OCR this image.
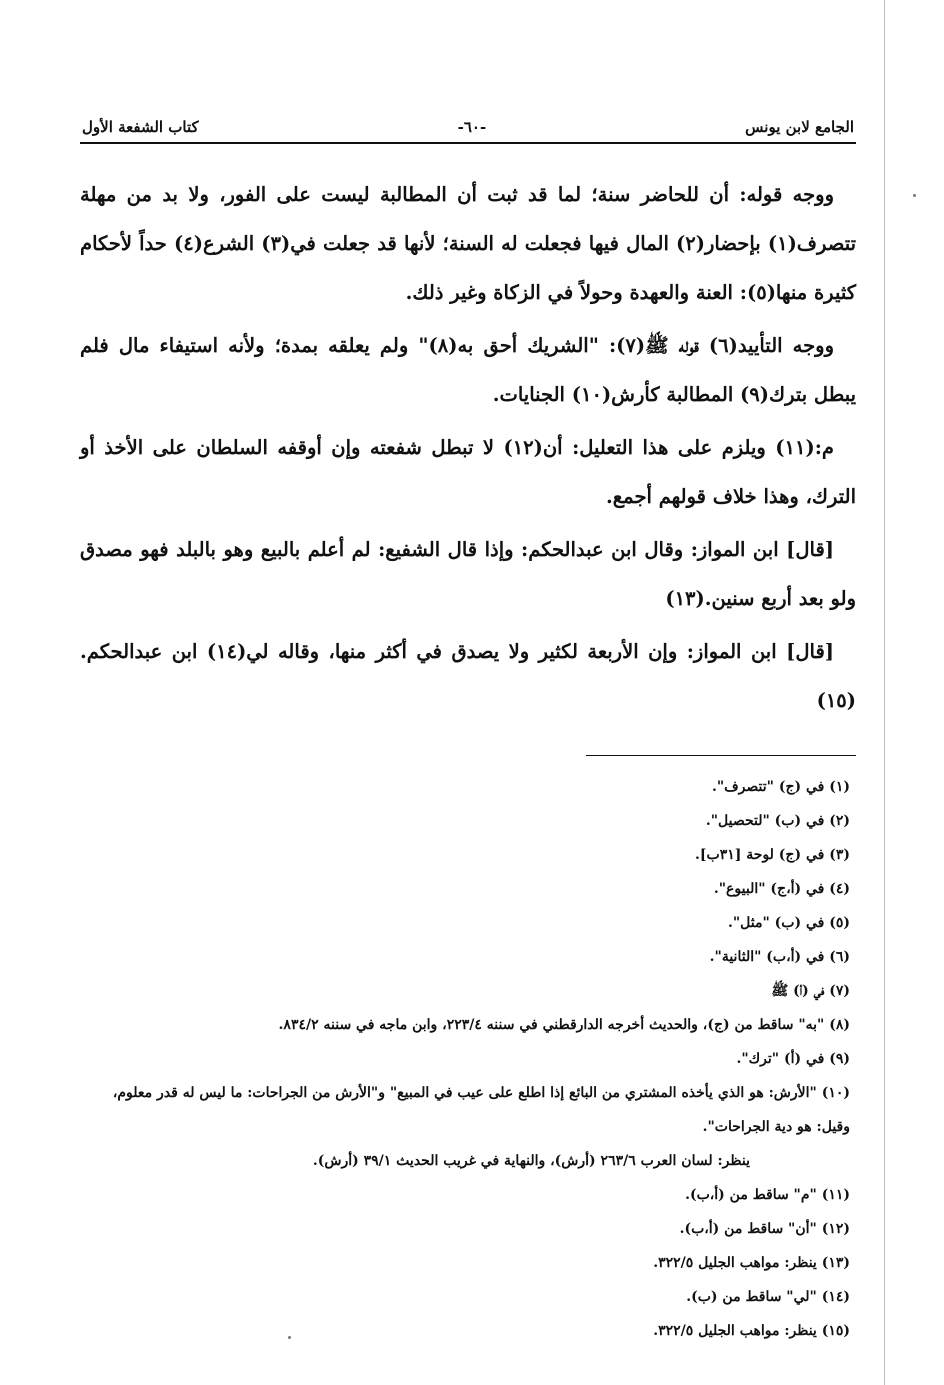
الجامع لابن يونس
-٦٠-
كتاب الشفعة الأول

ووجه قوله: أن للحاضر سنة؛ لما قد ثبت أن المطالبة ليست على الفور، ولا بد من مهلة تتصرف(١) بإحضار(٢) المال فيها فجعلت له السنة؛ لأنها قد جعلت في(٣) الشرع(٤) حداً لأحكام كثيرة منها(٥): العنة والعهدة وحولاً في الزكاة وغير ذلك.

ووجه التأييد(٦) قوله ﷺ(٧): "الشريك أحق به(٨)" ولم يعلقه بمدة؛ ولأنه استيفاء مال فلم يبطل بترك(٩) المطالبة كأرش(١٠) الجنايات.

م:(١١) ويلزم على هذا التعليل: أن(١٢) لا تبطل شفعته وإن أوقفه السلطان على الأخذ أو الترك، وهذا خلاف قولهم أجمع.

[قال] ابن المواز: وقال ابن عبدالحكم: وإذا قال الشفيع: لم أعلم بالبيع وهو بالبلد فهو مصدق ولو بعد أربع سنين.(١٣)

[قال] ابن المواز: وإن الأربعة لكثير ولا يصدق في أكثر منها، وقاله لي(١٤) ابن عبدالحكم.(١٥)

(١) في (ج) "تتصرف".
(٢) في (ب) "لتحصيل".
(٣) في (ج) لوحة [٣١ب].
(٤) في (أ،ج) "البيوع".
(٥) في (ب) "مثل".
(٦) في (أ،ب) "الثانية".
(٧) في (أ) ﷺ
(٨) "به" ساقط من (ج)، والحديث أخرجه الدارقطني في سننه ٢٢٣/٤، وابن ماجه في سننه ٨٣٤/٢.
(٩) في (أ) "ترك".
(١٠) "الأرش: هو الذي يأخذه المشتري من البائع إذا اطلع على عيب في المبيع" و"الأرش من الجراحات: ما ليس له قدر معلوم، وقيل: هو دية الجراحات".
ينظر: لسان العرب ٢٦٣/٦ (أرش)، والنهاية في غريب الحديث ٣٩/١ (أرش).
(١١) "م" ساقط من (أ،ب).
(١٢) "أن" ساقط من (أ،ب).
(١٣) ينظر: مواهب الجليل ٣٢٢/٥.
(١٤) "لي" ساقط من (ب).
(١٥) ينظر: مواهب الجليل ٣٢٢/٥.
